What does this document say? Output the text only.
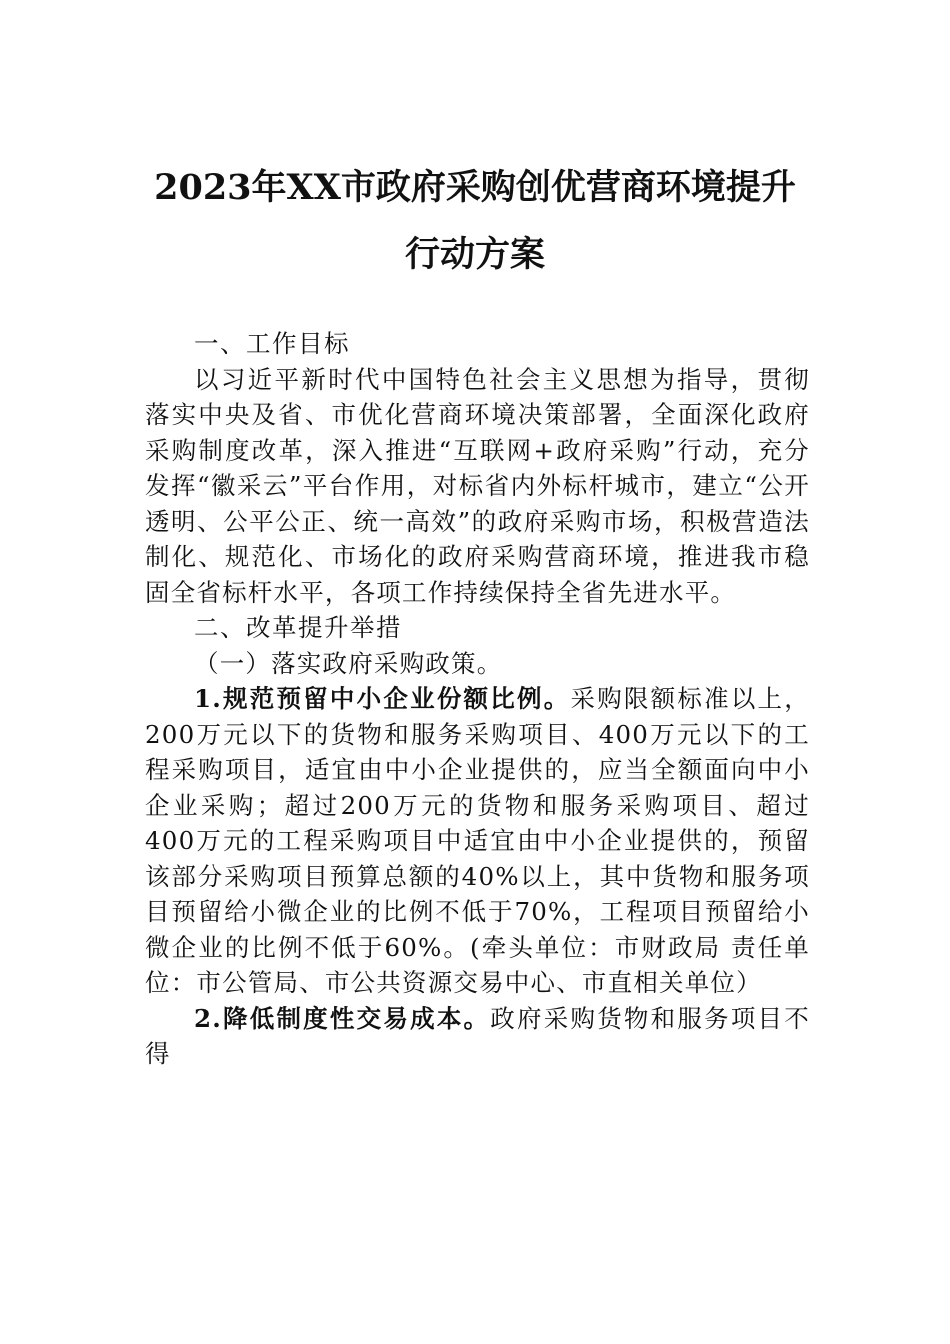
2023年XX市政府采购创优营商环境提升
行动方案

一、工作目标

以习近平新时代中国特色社会主义思想为指导，贯彻落实中央及省、市优化营商环境决策部署，全面深化政府采购制度改革，深入推进“互联网+政府采购”行动，充分发挥“徽采云”平台作用，对标省内外标杆城市，建立“公开透明、公平公正、统一高效”的政府采购市场，积极营造法制化、规范化、市场化的政府采购营商环境，推进我市稳固全省标杆水平，各项工作持续保持全省先进水平。

二、改革提升举措

（一）落实政府采购政策。

1.规范预留中小企业份额比例。采购限额标准以上，200万元以下的货物和服务采购项目、400万元以下的工程采购项目，适宜由中小企业提供的，应当全额面向中小企业采购；超过200万元的货物和服务采购项目、超过400万元的工程采购项目中适宜由中小企业提供的，预留该部分采购项目预算总额的40%以上，其中货物和服务项目预留给小微企业的比例不低于70%，工程项目预留给小微企业的比例不低于60%。(牵头单位：市财政局 责任单位：市公管局、市公共资源交易中心、市直相关单位）

2.降低制度性交易成本。政府采购货物和服务项目不得
